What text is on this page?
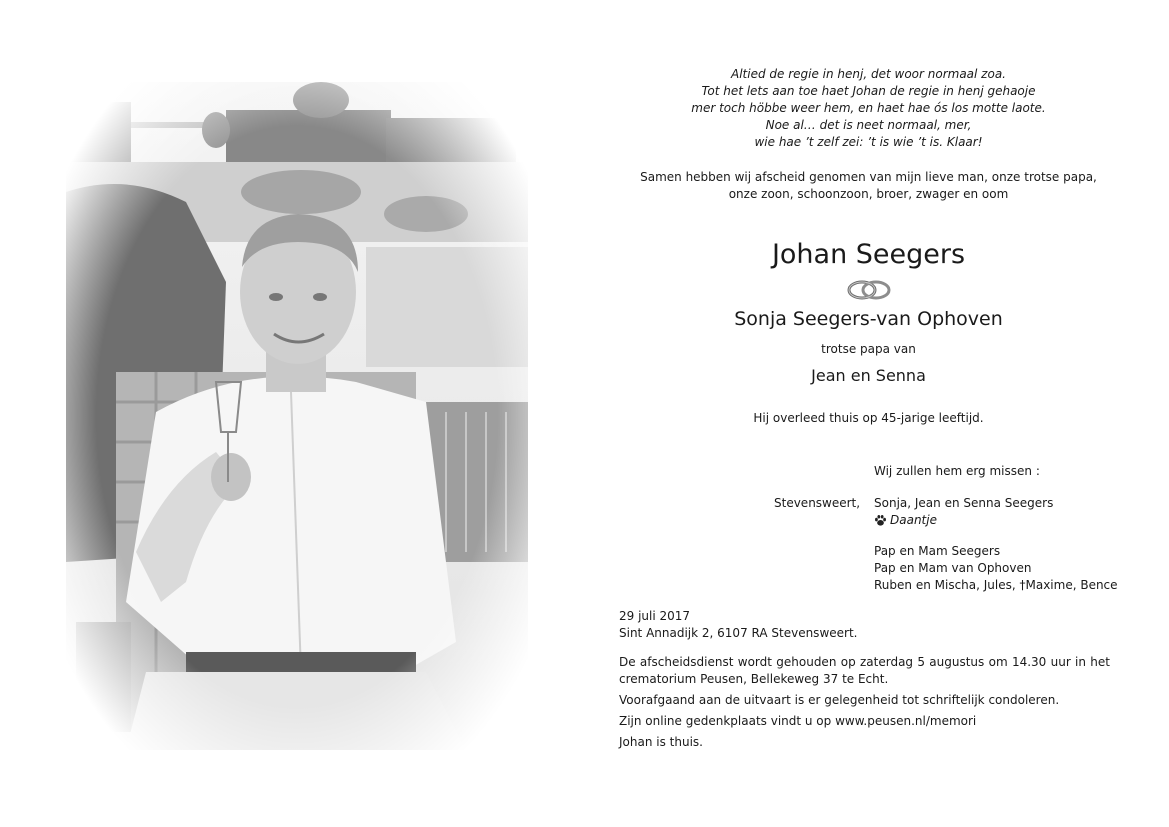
Altied de regie in henj, det woor normaal zoa.
Tot het lets aan toe haet Johan de regie in henj gehaoje
mer toch höbbe weer hem, en haet hae ós los motte laote.
Noe al… det is neet normaal, mer,
wie hae ’t zelf zei: ’t is wie ’t is. Klaar!
Samen hebben wij afscheid genomen van mijn lieve man, onze trotse papa,
onze zoon, schoonzoon, broer, zwager en oom
Johan Seegers
Sonja Seegers-van Ophoven
trotse papa van
Jean en Senna
Hij overleed thuis op 45-jarige leeftijd.
Wij zullen hem erg missen :
Stevensweert, Sonja, Jean en Senna Seegers
Daantje
Pap en Mam Seegers
Pap en Mam van Ophoven
Ruben en Mischa, Jules, †Maxime, Bence
29 juli 2017
Sint Annadijk 2, 6107 RA Stevensweert.
De afscheidsdienst wordt gehouden op zaterdag 5 augustus om 14.30 uur in het crematorium Peusen, Bellekeweg 37 te Echt.
Voorafgaand aan de uitvaart is er gelegenheid tot schriftelijk condoleren.
Zijn online gedenkplaats vindt u op www.peusen.nl/memori
Johan is thuis.
